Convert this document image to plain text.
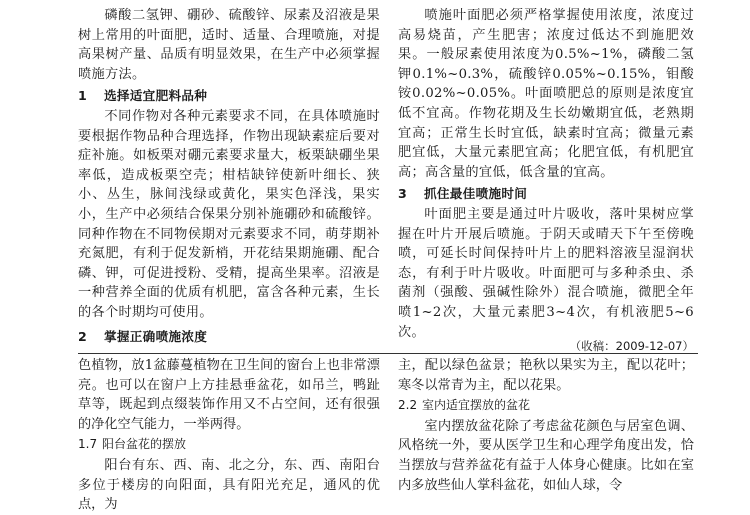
磷酸二氢钾、硼砂、硫酸锌、尿素及沼液是果树上常用的叶面肥，适时、适量、合理喷施，对提高果树产量、品质有明显效果，在生产中必须掌握喷施方法。

1 选择适宜肥料品种

不同作物对各种元素要求不同，在具体喷施时要根据作物品种合理选择，作物出现缺素症后要对症补施。如板栗对硼元素要求量大，板栗缺硼坐果率低，造成板栗空壳；柑桔缺锌使新叶细长、狭小、丛生，脉间浅绿或黄化，果实色泽浅，果实小，生产中必须结合保果分别补施硼砂和硫酸锌。同种作物在不同物侯期对元素要求不同，萌芽期补充氮肥，有利于促发新梢，开花结果期施硼、配合磷、钾，可促进授粉、受精，提高坐果率。沼液是一种营养全面的优质有机肥，富含各种元素，生长的各个时期均可使用。

2 掌握正确喷施浓度

喷施叶面肥必须严格掌握使用浓度，浓度过高易烧苗，产生肥害；浓度过低达不到施肥效果。一般尿素使用浓度为0.5%~1%，磷酸二氢钾0.1%~0.3%，硫酸锌0.05%~0.15%，钼酸铵0.02%~0.05%。叶面喷肥总的原则是浓度宜低不宜高。作物花期及生长幼嫩期宜低，老熟期宜高；正常生长时宜低，缺素时宜高；微量元素肥宜低，大量元素肥宜高；化肥宜低，有机肥宜高；高含量的宜低，低含量的宜高。

3 抓住最佳喷施时间

叶面肥主要是通过叶片吸收，落叶果树应掌握在叶片开展后喷施。于阴天或晴天下午至傍晚喷，可延长时间保持叶片上的肥料溶液呈湿润状态，有利于叶片吸收。叶面肥可与多种杀虫、杀菌剂（强酸、强碱性除外）混合喷施，微肥全年喷1~2次，大量元素肥3~4次，有机液肥5~6次。

（收稿：2009-12-07）

色植物，放1盆藤蔓植物在卫生间的窗台上也非常漂亮。也可以在窗户上方挂悬垂盆花，如吊兰，鸭趾草等，既起到点缀装饰作用又不占空间，还有很强的净化空气能力，一举两得。

1.7 阳台盆花的摆放

阳台有东、西、南、北之分，东、西、南阳台多位于楼房的向阳面，具有阳光充足，通风的优点，为

主，配以绿色盆景；艳秋以果实为主，配以花叶；寒冬以常青为主，配以花果。

2.2 室内适宜摆放的盆花

室内摆放盆花除了考虑盆花颜色与居室色调、风格统一外，要从医学卫生和心理学角度出发，恰当摆放与营养盆花有益于人体身心健康。比如在室内多放些仙人掌科盆花，如仙人球，令
